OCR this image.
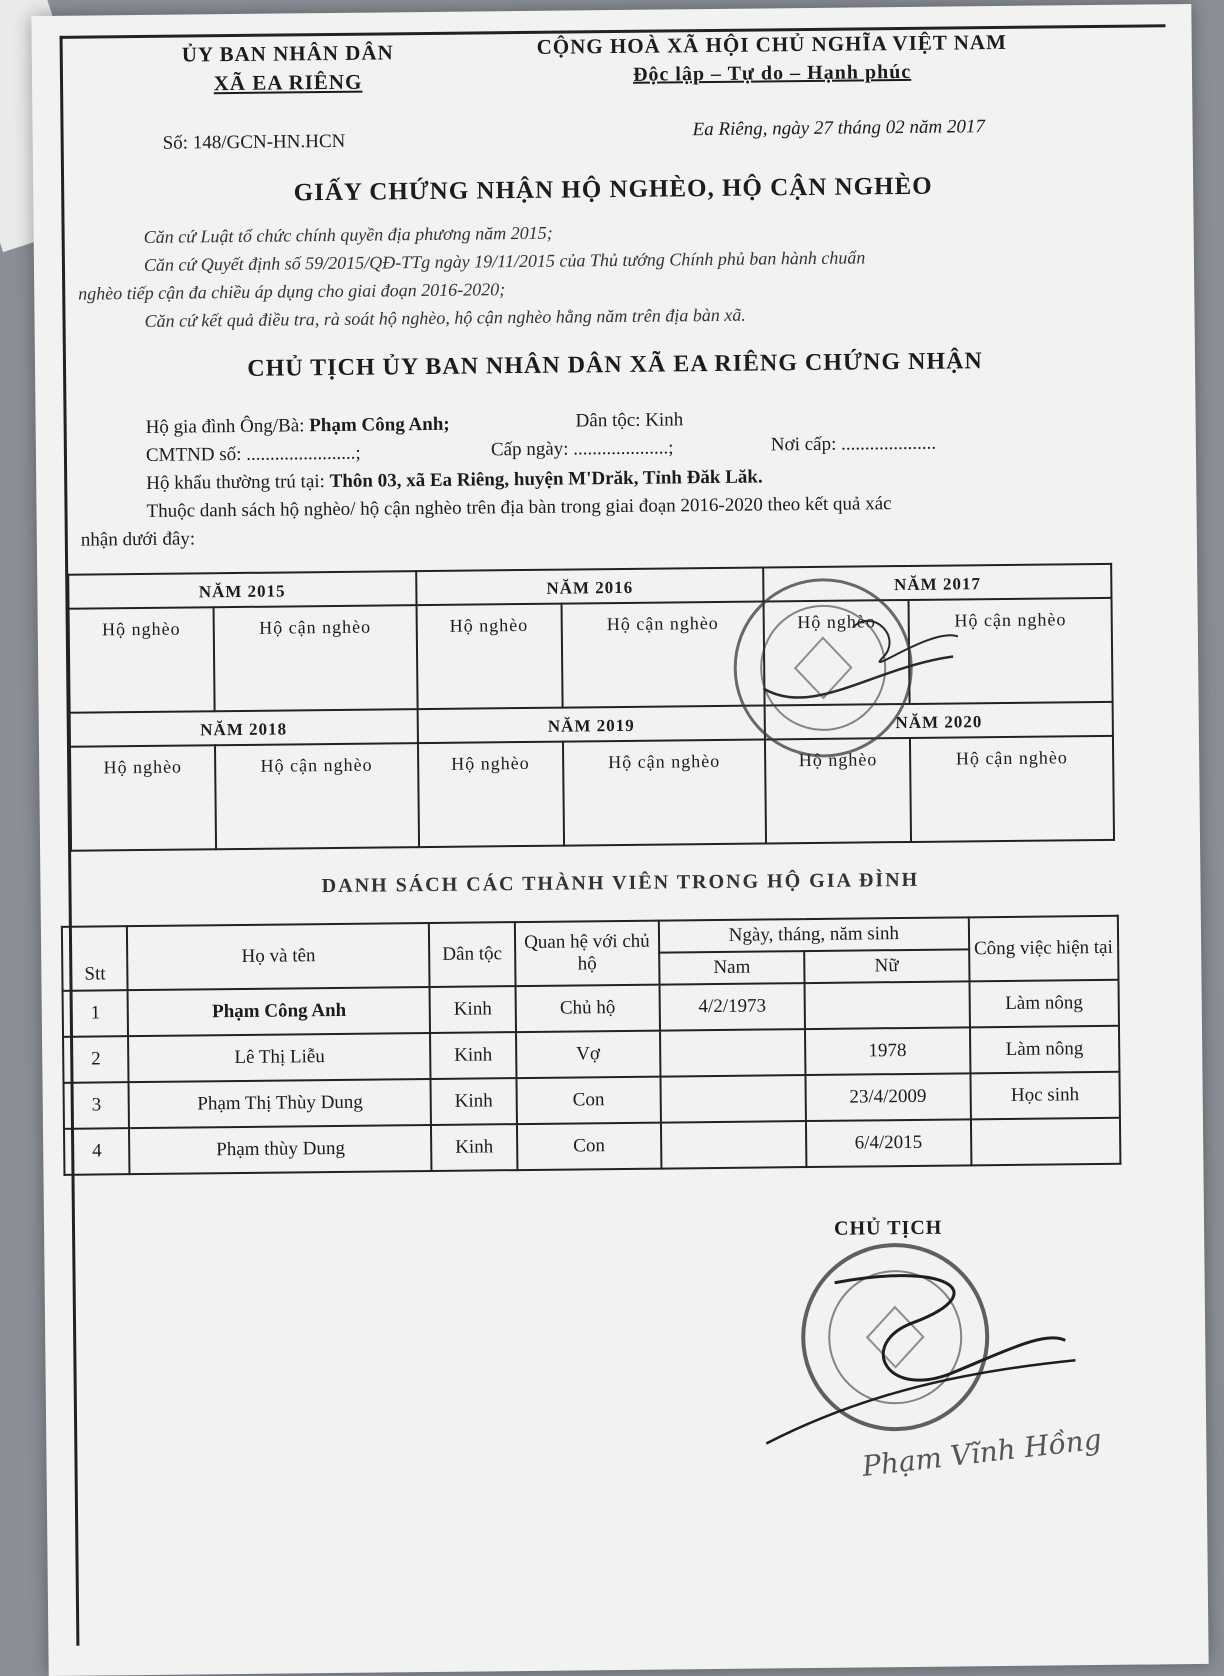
ỦY BAN NHÂN DÂN
XÃ EA RIÊNG
CỘNG HOÀ XÃ HỘI CHỦ NGHĨA VIỆT NAM
Độc lập – Tự do – Hạnh phúc
Số: 148/GCN-HN.HCN
Ea Riêng, ngày 27 tháng 02 năm 2017
GIẤY CHỨNG NHẬN HỘ NGHÈO, HỘ CẬN NGHÈO
Căn cứ Luật tổ chức chính quyền địa phương năm 2015;
Căn cứ Quyết định số 59/2015/QĐ-TTg ngày 19/11/2015 của Thủ tướng Chính phủ ban hành chuẩn
nghèo tiếp cận đa chiều áp dụng cho giai đoạn 2016-2020;
Căn cứ kết quả điều tra, rà soát hộ nghèo, hộ cận nghèo hằng năm trên địa bàn xã.
CHỦ TỊCH ỦY BAN NHÂN DÂN XÃ EA RIÊNG CHỨNG NHẬN
Hộ gia đình Ông/Bà: Phạm Công Anh;	Dân tộc: Kinh
CMTND số: .......................;	Cấp ngày: ....................;	Nơi cấp: ....................
Hộ khẩu thường trú tại: Thôn 03, xã Ea Riêng, huyện M'Drăk, Tỉnh Đăk Lăk.
Thuộc danh sách hộ nghèo/ hộ cận nghèo trên địa bàn trong giai đoạn 2016-2020 theo kết quả xác
nhận dưới đây:
NĂM 2015		NĂM 2016		NĂM 2017	
Hộ nghèo	Hộ cận nghèo	Hộ nghèo	Hộ cận nghèo	Hộ nghèo	Hộ cận nghèo
NĂM 2018		NĂM 2019		NĂM 2020	
Hộ nghèo	Hộ cận nghèo	Hộ nghèo	Hộ cận nghèo	Hộ nghèo	Hộ cận nghèo
DANH SÁCH CÁC THÀNH VIÊN TRONG HỘ GIA ĐÌNH
Stt	Họ và tên	Dân tộc	Quan hệ với chủ hộ	Ngày, tháng, năm sinh		Công việc hiện tại
				Nam	Nữ	
1	Phạm Công Anh	Kinh	Chủ hộ	4/2/1973		Làm nông
2	Lê Thị Liễu	Kinh	Vợ		1978	Làm nông
3	Phạm Thị Thùy Dung	Kinh	Con		23/4/2009	Học sinh
4	Phạm thùy Dung	Kinh	Con		6/4/2015	
CHỦ TỊCH
Phạm Vĩnh Hồng
